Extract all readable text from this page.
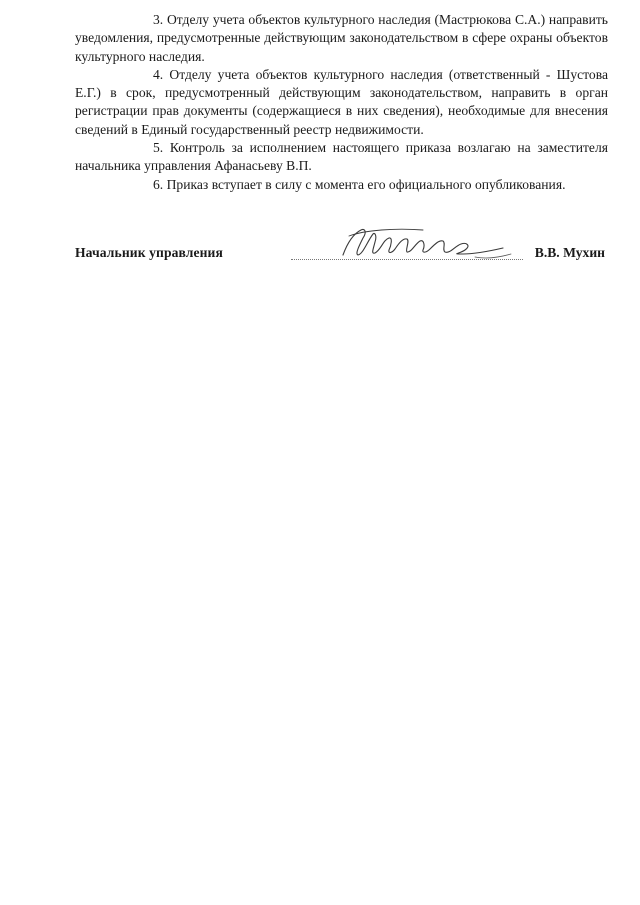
3. Отделу учета объектов культурного наследия (Мастрюкова С.А.) направить уведомления, предусмотренные действующим законодательством в сфере охраны объектов культурного наследия.

4. Отделу учета объектов культурного наследия (ответственный - Шустова Е.Г.) в срок, предусмотренный действующим законодательством, направить в орган регистрации прав документы (содержащиеся в них сведения), необходимые для внесения сведений в Единый государственный реестр недвижимости.

5. Контроль за исполнением настоящего приказа возлагаю на заместителя начальника управления Афанасьеву В.П.

6. Приказ вступает в силу с момента его официального опубликования.

Начальник управления	В.В. Мухин
